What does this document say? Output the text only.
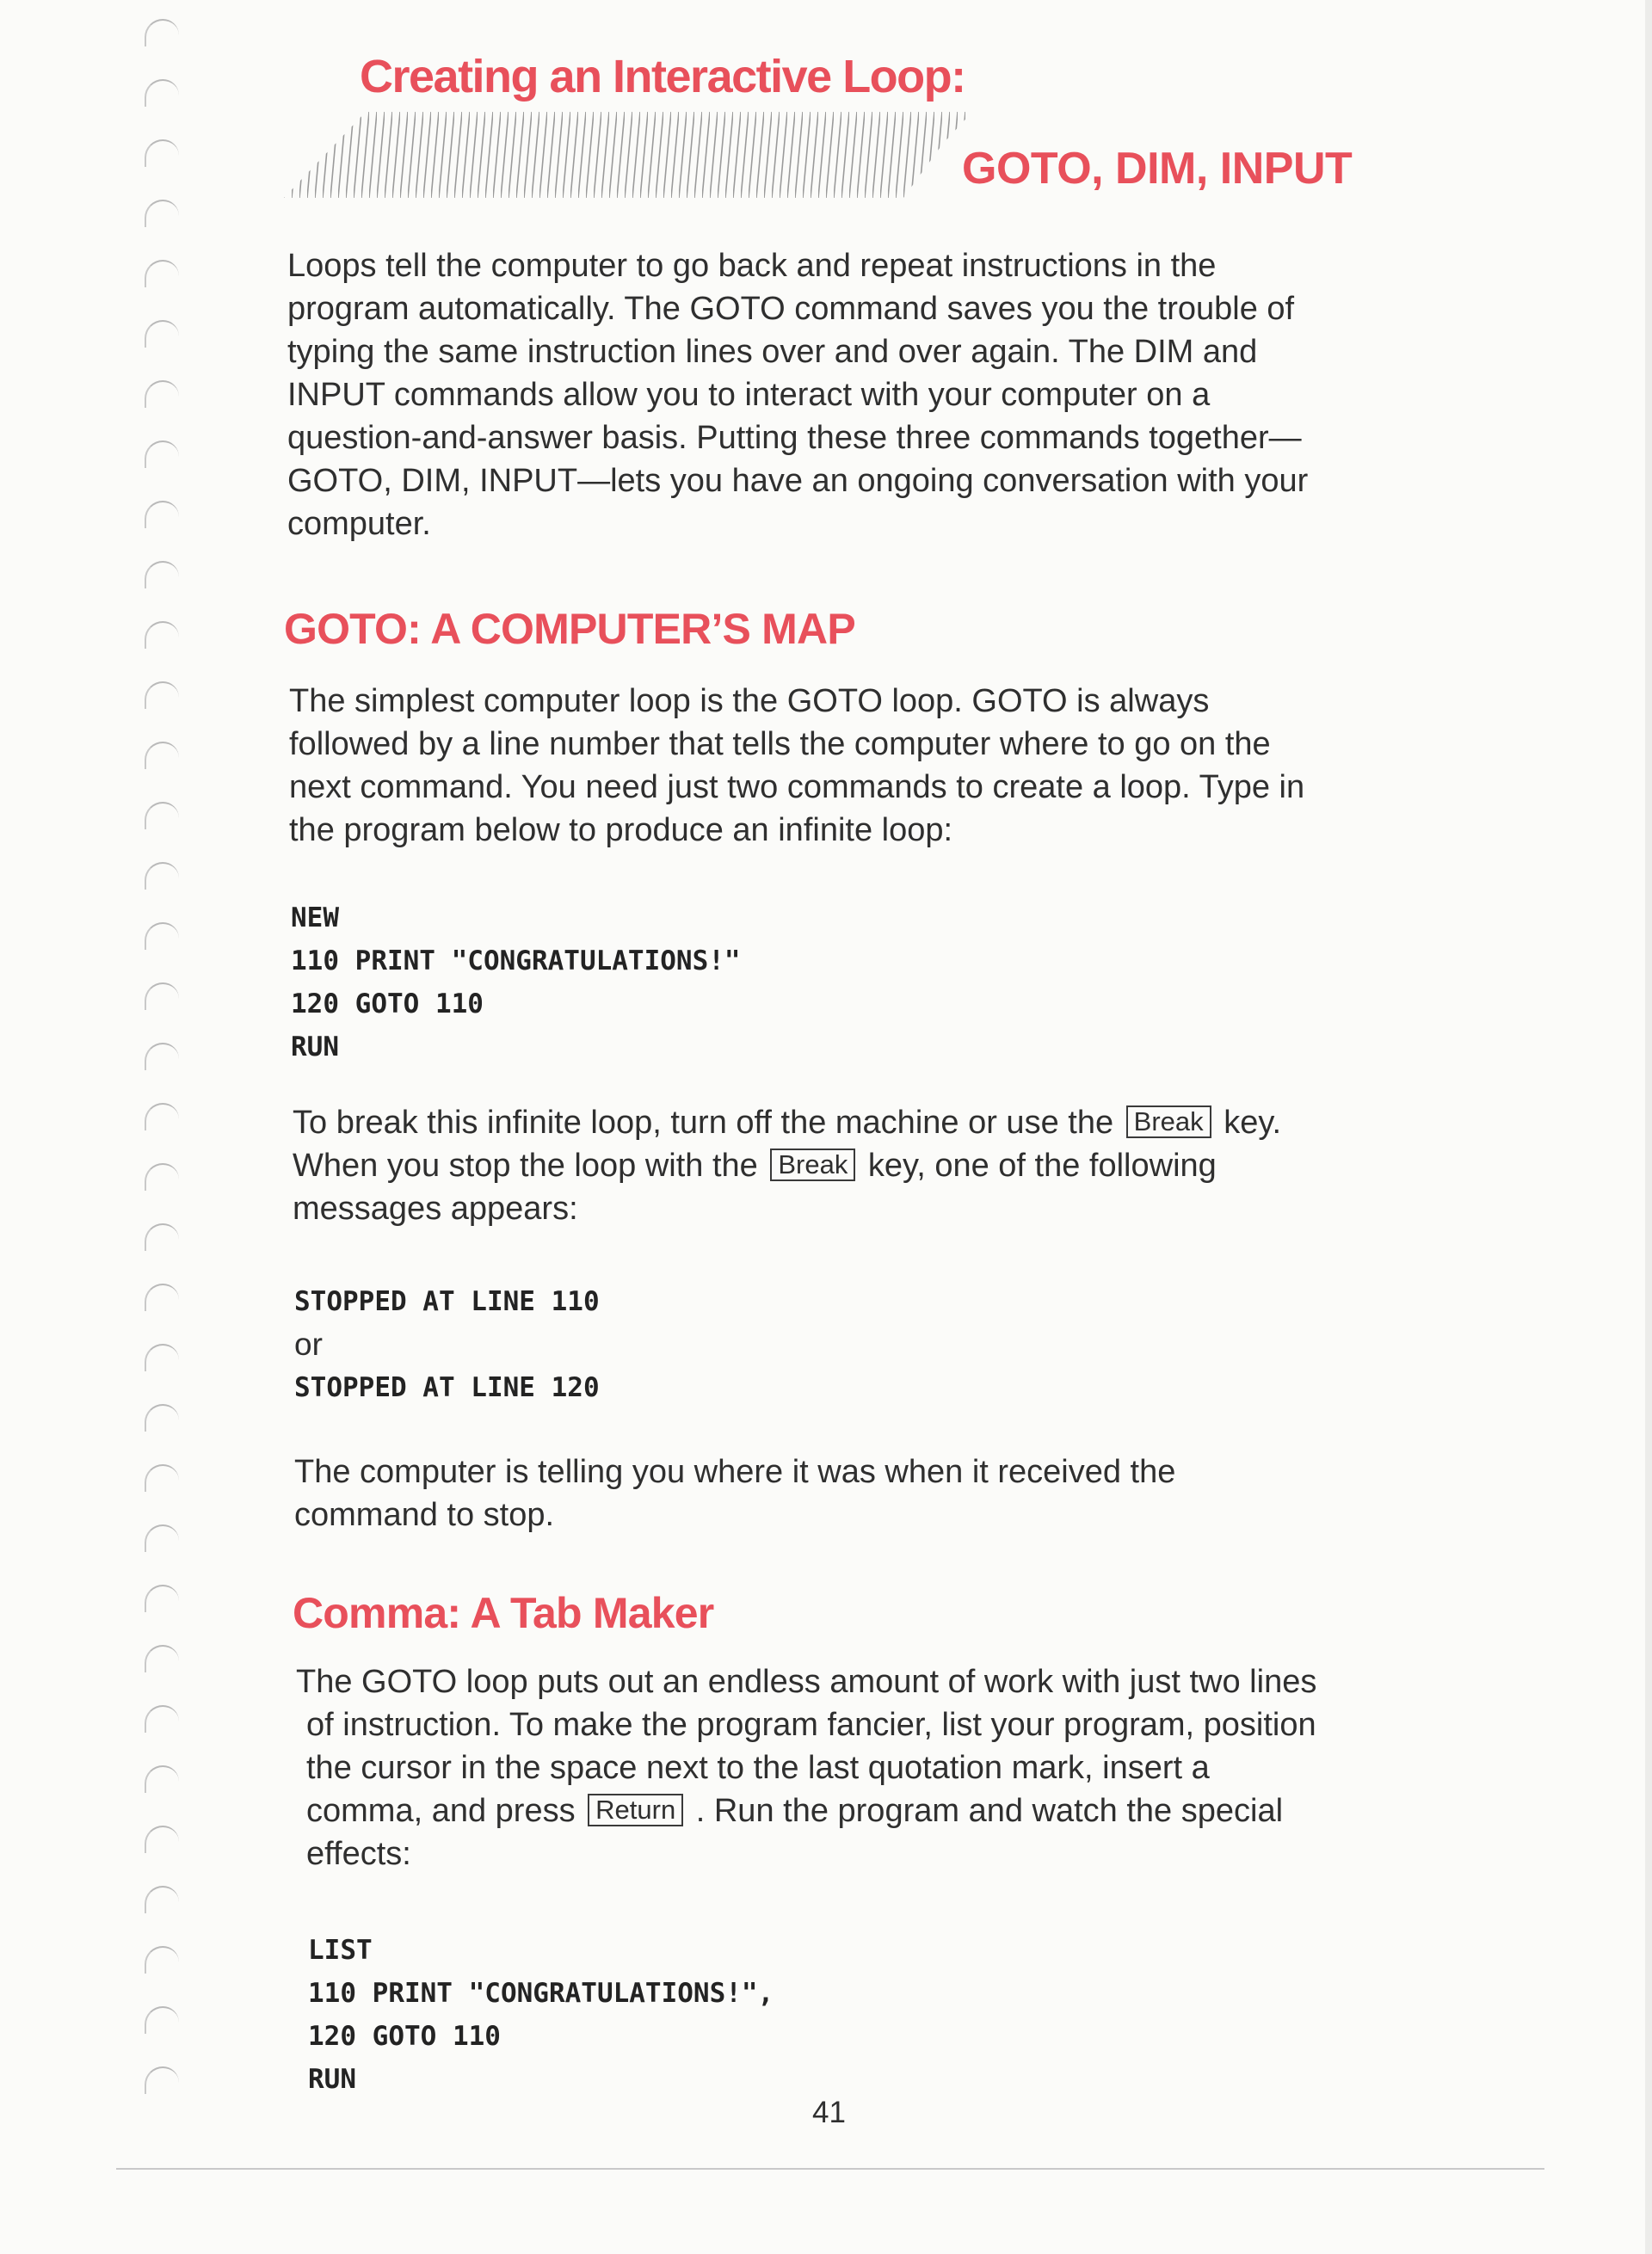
Creating an Interactive Loop:
GOTO, DIM, INPUT
Loops tell the computer to go back and repeat instructions in the
program automatically. The GOTO command saves you the trouble of
typing the same instruction lines over and over again. The DIM and
INPUT commands allow you to interact with your computer on a
question-and-answer basis. Putting these three commands together—
GOTO, DIM, INPUT—lets you have an ongoing conversation with your
computer.
GOTO: A COMPUTER’S MAP
The simplest computer loop is the GOTO loop. GOTO is always
followed by a line number that tells the computer where to go on the
next command. You need just two commands to create a loop. Type in
the program below to produce an infinite loop:
NEW
110 PRINT "CONGRATULATIONS!"
120 GOTO 110
RUN
To break this infinite loop, turn off the machine or use the Break key.
When you stop the loop with the Break key, one of the following
messages appears:
STOPPED AT LINE 110
or
STOPPED AT LINE 120
The computer is telling you where it was when it received the
command to stop.
Comma: A Tab Maker
The GOTO loop puts out an endless amount of work with just two lines
of instruction. To make the program fancier, list your program, position
the cursor in the space next to the last quotation mark, insert a
comma, and press Return . Run the program and watch the special
effects:
LIST
110 PRINT "CONGRATULATIONS!",
120 GOTO 110
RUN

41
